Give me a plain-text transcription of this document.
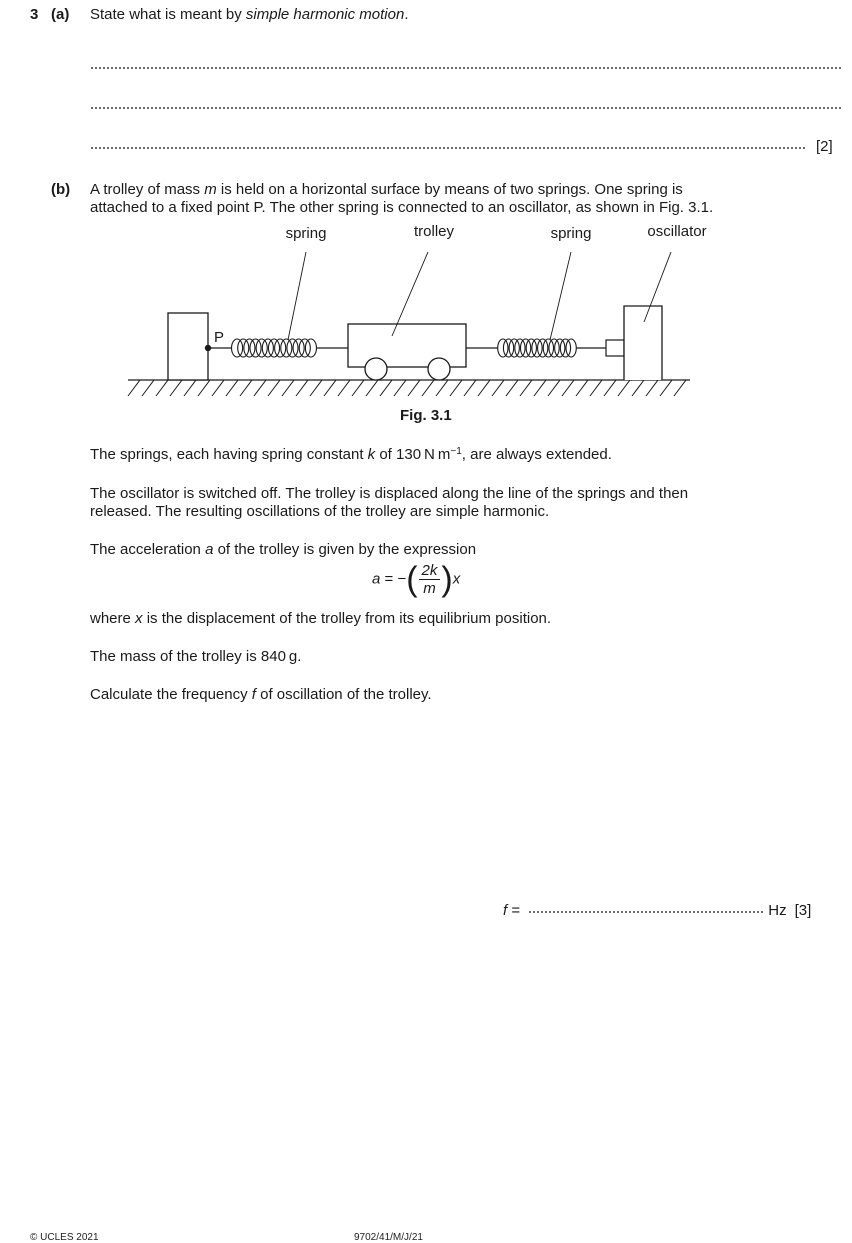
3 (a) State what is meant by simple harmonic motion.
[2]
(b) A trolley of mass m is held on a horizontal surface by means of two springs. One spring is
attached to a fixed point P. The other spring is connected to an oscillator, as shown in Fig. 3.1.
P
spring	trolley	spring	oscillator
Fig. 3.1
The springs, each having spring constant k of 130 N $m^{-1}$, are always extended.
The oscillator is switched off. The trolley is displaced along the line of the springs and then
released. The resulting oscillations of the trolley are simple harmonic.
The acceleration a of the trolley is given by the expression
a = −( $\frac{2k}{m} )x$
where x is the displacement of the trolley from its equilibrium position.
The mass of the trolley is 840 g.
Calculate the frequency f of oscillation of the trolley.
f =	Hz [3]
© UCLES 2021	9702/41/M/J/21
